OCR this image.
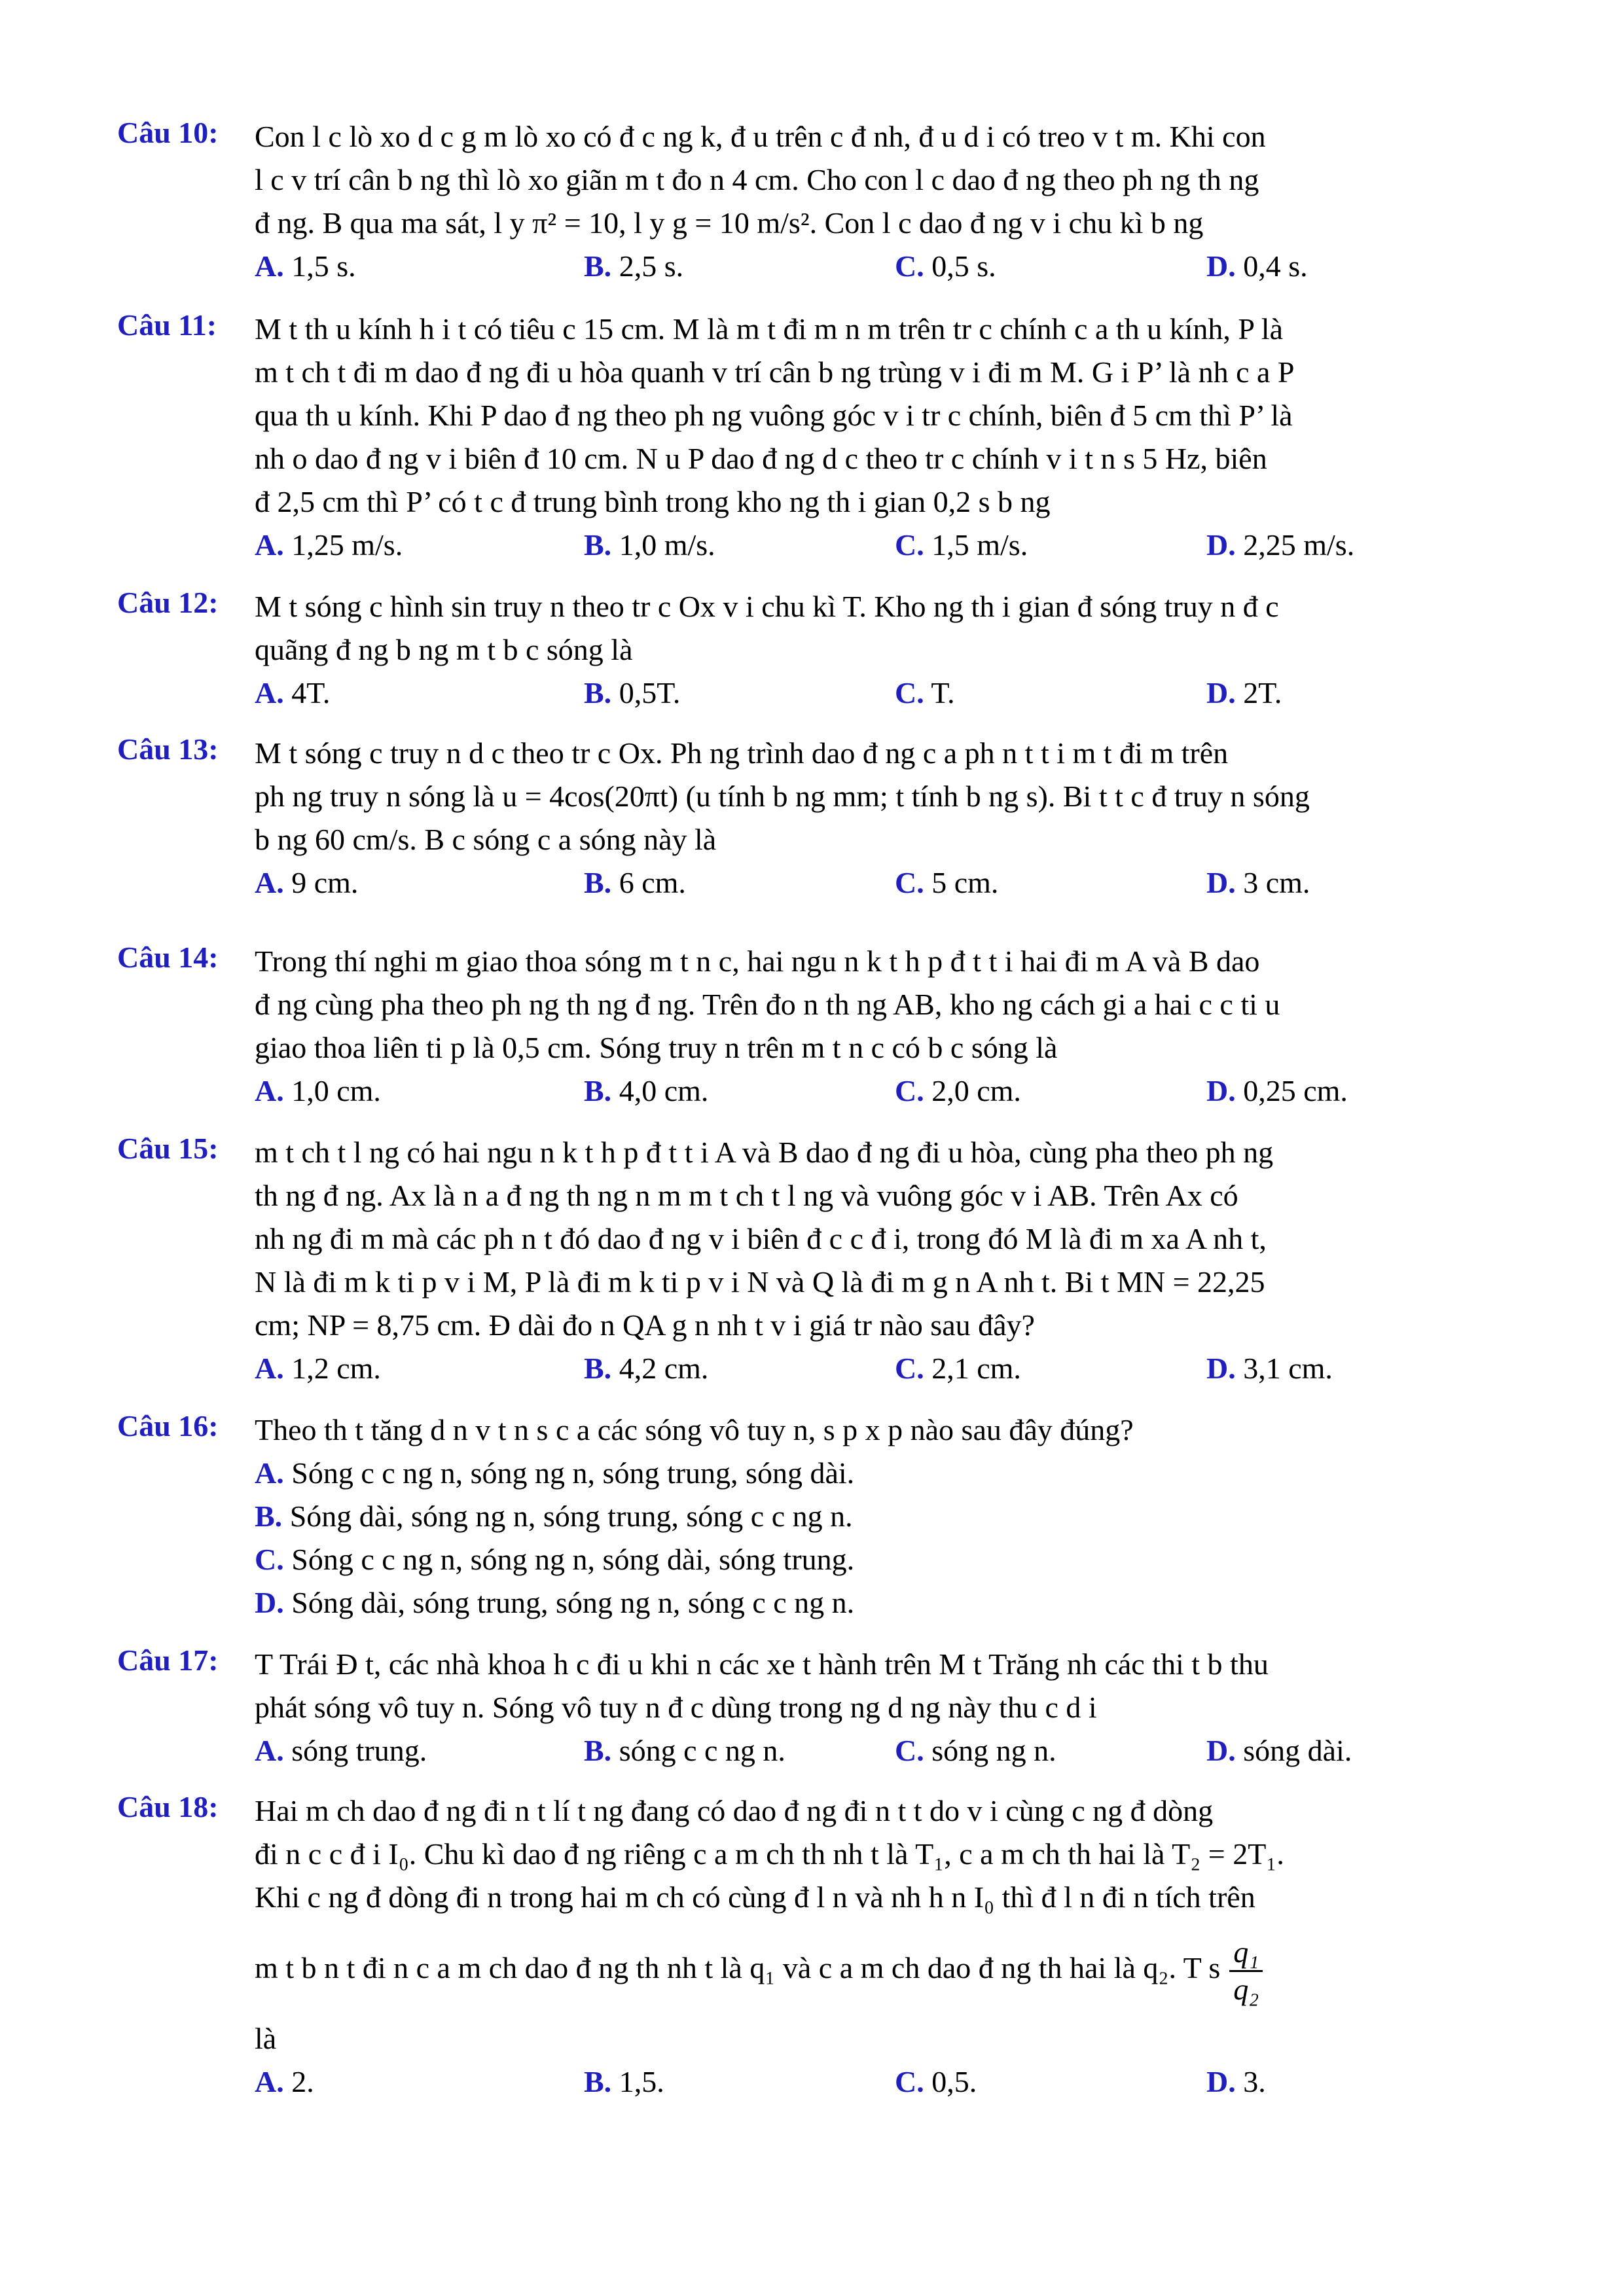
Câu 10:	Con l c lò xo d c g m lò xo có đ c ng k, đ u trên c đ nh, đ u d i có treo v t m. Khi con
l c v trí cân b ng thì lò xo giãn m t đo n 4 cm. Cho con l c dao đ ng theo ph ng th ng
đ ng. B qua ma sát, l y π² = 10, l y g = 10 m/s². Con l c dao đ ng v i chu kì b ng
A. 1,5 s.	B. 2,5 s.	C. 0,5 s.	D. 0,4 s.
Câu 11:	M t th u kính h i t có tiêu c 15 cm. M là m t đi m n m trên tr c chính c a th u kính, P là
m t ch t đi m dao đ ng đi u hòa quanh v trí cân b ng trùng v i đi m M. G i P’ là nh c a P
qua th u kính. Khi P dao đ ng theo ph ng vuông góc v i tr c chính, biên đ 5 cm thì P’ là
nh o dao đ ng v i biên đ 10 cm. N u P dao đ ng d c theo tr c chính v i t n s 5 Hz, biên
đ 2,5 cm thì P’ có t c đ trung bình trong kho ng th i gian 0,2 s b ng
A. 1,25 m/s.	B. 1,0 m/s.	C. 1,5 m/s.	D. 2,25 m/s.
Câu 12:	M t sóng c hình sin truy n theo tr c Ox v i chu kì T. Kho ng th i gian đ sóng truy n đ c
quãng đ ng b ng m t b c sóng là
A. 4T.	B. 0,5T.	C. T.	D. 2T.
Câu 13:	M t sóng c truy n d c theo tr c Ox. Ph ng trình dao đ ng c a ph n t t i m t đi m trên
ph ng truy n sóng là u = 4cos(20πt) (u tính b ng mm; t tính b ng s). Bi t t c đ truy n sóng
b ng 60 cm/s. B c sóng c a sóng này là
A. 9 cm.	B. 6 cm.	C. 5 cm.	D. 3 cm.
Câu 14:	Trong thí nghi m giao thoa sóng m t n c, hai ngu n k t h p đ t t i hai đi m A và B dao
đ ng cùng pha theo ph ng th ng đ ng. Trên đo n th ng AB, kho ng cách gi a hai c c ti u
giao thoa liên ti p là 0,5 cm. Sóng truy n trên m t n c có b c sóng là
A. 1,0 cm.	B. 4,0 cm.	C. 2,0 cm.	D. 0,25 cm.
Câu 15:	m t ch t l ng có hai ngu n k t h p đ t t i A và B dao đ ng đi u hòa, cùng pha theo ph ng
th ng đ ng. Ax là n a đ ng th ng n m m t ch t l ng và vuông góc v i AB. Trên Ax có
nh ng đi m mà các ph n t đó dao đ ng v i biên đ c c đ i, trong đó M là đi m xa A nh t,
N là đi m k ti p v i M, P là đi m k ti p v i N và Q là đi m g n A nh t. Bi t MN = 22,25
cm; NP = 8,75 cm. Đ dài đo n QA g n nh t v i giá tr nào sau đây?
A. 1,2 cm.	B. 4,2 cm.	C. 2,1 cm.	D. 3,1 cm.
Câu 16:	Theo th t tăng d n v t n s c a các sóng vô tuy n, s p x p nào sau đây đúng?
A. Sóng c c ng n, sóng ng n, sóng trung, sóng dài.
B. Sóng dài, sóng ng n, sóng trung, sóng c c ng n.
C. Sóng c c ng n, sóng ng n, sóng dài, sóng trung.
D. Sóng dài, sóng trung, sóng ng n, sóng c c ng n.
Câu 17:	T Trái Đ t, các nhà khoa h c đi u khi n các xe t hành trên M t Trăng nh các thi t b thu
phát sóng vô tuy n. Sóng vô tuy n đ c dùng trong ng d ng này thu c d i
A. sóng trung.	B. sóng c c ng n.	C. sóng ng n.	D. sóng dài.
Câu 18:	Hai m ch dao đ ng đi n t lí t ng đang có dao đ ng đi n t t do v i cùng c ng đ dòng
đi n c c đ i I₀. Chu kì dao đ ng riêng c a m ch th nh t là T₁, c a m ch th hai là T₂ = 2T₁.
Khi c ng đ dòng đi n trong hai m ch có cùng đ l n và nh h n I₀ thì đ l n đi n tích trên
m t b n t đi n c a m ch dao đ ng th nh t là q₁ và c a m ch dao đ ng th hai là q₂. T s $\frac{\text{q₁}}{\text{q₂}}$
là
A. 2.	B. 1,5.	C. 0,5.	D. 3.
